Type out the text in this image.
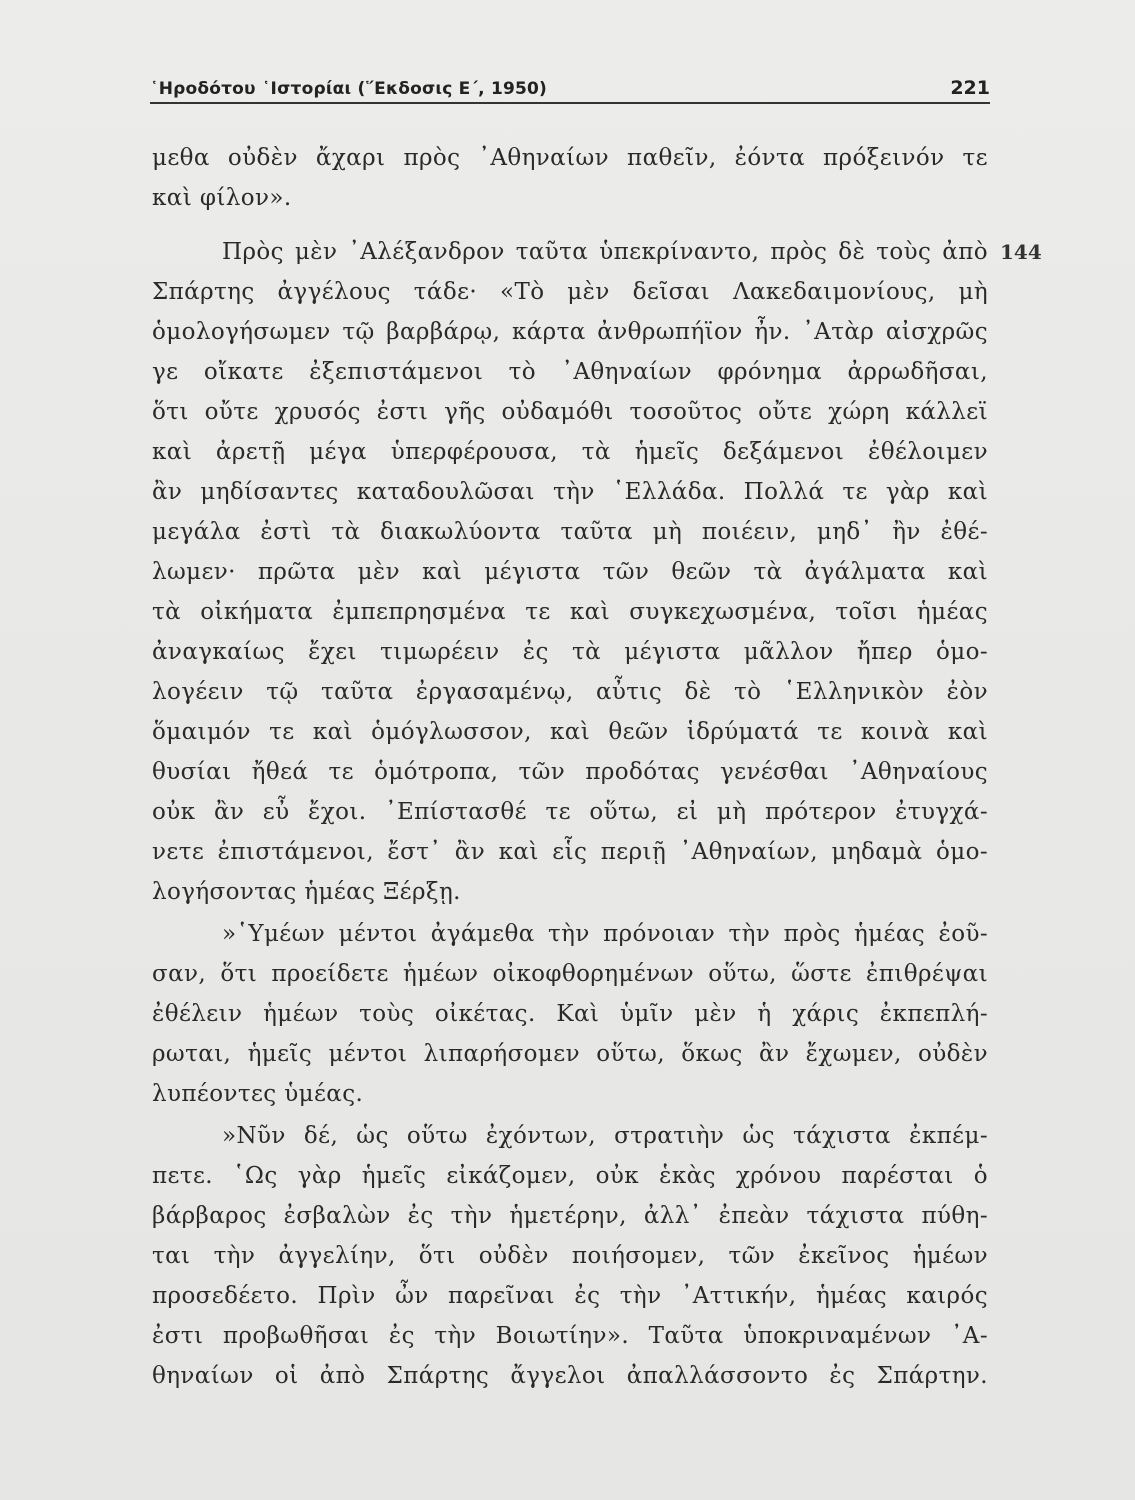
῾Ηροδότου ῾Ιστορίαι (῞Εκδοσις Ε΄, 1950)	221
144
μεθα οὐδὲν ἄχαρι πρὸς ᾿Αθηναίων παθεῖν, ἐόντα πρόξεινόν τε
καὶ φίλον».
Πρὸς μὲν ᾿Αλέξανδρον ταῦτα ὑπεκρίναντο, πρὸς δὲ τοὺς ἀπὸ
Σπάρτης ἀγγέλους τάδε· «Τὸ μὲν δεῖσαι Λακεδαιμονίους, μὴ
ὁμολογήσωμεν τῷ βαρβάρῳ, κάρτα ἀνθρωπήϊον ἦν. ᾿Ατὰρ αἰσχρῶς
γε οἴκατε ἐξεπιστάμενοι τὸ ᾿Αθηναίων φρόνημα ἀρρωδῆσαι,
ὅτι οὔτε χρυσός ἐστι γῆς οὐδαμόθι τοσοῦτος οὔτε χώρη κάλλεϊ
καὶ ἀρετῇ μέγα ὑπερφέρουσα, τὰ ἡμεῖς δεξάμενοι ἐθέλοιμεν
ἂν μηδίσαντες καταδουλῶσαι τὴν ῾Ελλάδα. Πολλά τε γὰρ καὶ
μεγάλα ἐστὶ τὰ διακωλύοντα ταῦτα μὴ ποιέειν, μηδ᾿ ἢν ἐθέ-
λωμεν· πρῶτα μὲν καὶ μέγιστα τῶν θεῶν τὰ ἀγάλματα καὶ
τὰ οἰκήματα ἐμπεπρησμένα τε καὶ συγκεχωσμένα, τοῖσι ἡμέας
ἀναγκαίως ἔχει τιμωρέειν ἐς τὰ μέγιστα μᾶλλον ἤπερ ὁμο-
λογέειν τῷ ταῦτα ἐργασαμένῳ, αὖτις δὲ τὸ ῾Ελληνικὸν ἐὸν
ὅμαιμόν τε καὶ ὁμόγλωσσον, καὶ θεῶν ἱδρύματά τε κοινὰ καὶ
θυσίαι ἤθεά τε ὁμότροπα, τῶν προδότας γενέσθαι ᾿Αθηναίους
οὐκ ἂν εὖ ἔχοι. ᾿Επίστασθέ τε οὕτω, εἰ μὴ πρότερον ἐτυγχά-
νετε ἐπιστάμενοι, ἔστ᾿ ἂν καὶ εἷς περιῇ ᾿Αθηναίων, μηδαμὰ ὁμο-
λογήσοντας ἡμέας Ξέρξῃ.
»῾Υμέων μέντοι ἀγάμεθα τὴν πρόνοιαν τὴν πρὸς ἡμέας ἐοῦ-
σαν, ὅτι προείδετε ἡμέων οἰκοφθορημένων οὕτω, ὥστε ἐπιθρέψαι
ἐθέλειν ἡμέων τοὺς οἰκέτας. Καὶ ὑμῖν μὲν ἡ χάρις ἐκπεπλή-
ρωται, ἡμεῖς μέντοι λιπαρήσομεν οὕτω, ὅκως ἂν ἔχωμεν, οὐδὲν
λυπέοντες ὑμέας.
»Νῦν δέ, ὡς οὕτω ἐχόντων, στρατιὴν ὡς τάχιστα ἐκπέμ-
πετε. ῾Ως γὰρ ἡμεῖς εἰκάζομεν, οὐκ ἑκὰς χρόνου παρέσται ὁ
βάρβαρος ἐσβαλὼν ἐς τὴν ἡμετέρην, ἀλλ᾿ ἐπεὰν τάχιστα πύθη-
ται τὴν ἀγγελίην, ὅτι οὐδὲν ποιήσομεν, τῶν ἐκεῖνος ἡμέων
προσεδέετο. Πρὶν ὦν παρεῖναι ἐς τὴν ᾿Αττικήν, ἡμέας καιρός
ἐστι προβωθῆσαι ἐς τὴν Βοιωτίην». Ταῦτα ὑποκριναμένων ᾿Α-
θηναίων οἱ ἀπὸ Σπάρτης ἄγγελοι ἀπαλλάσσοντο ἐς Σπάρτην.
